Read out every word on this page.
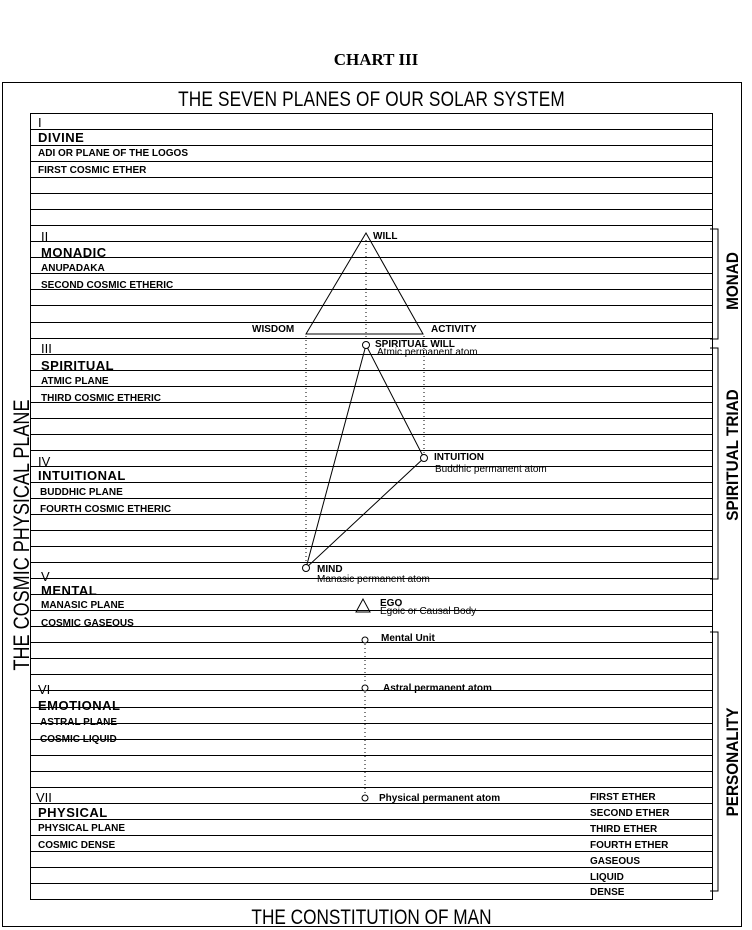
CHART III
THE SEVEN PLANES OF OUR SOLAR SYSTEM
THE CONSTITUTION OF MAN
THE COSMIC PHYSICAL PLANE
MONAD
SPIRITUAL TRIAD
PERSONALITY
I
DIVINE
ADI OR PLANE OF THE LOGOS
FIRST COSMIC ETHER
II
MONADIC
ANUPADAKA
SECOND COSMIC ETHERIC
III
SPIRITUAL
ATMIC PLANE
THIRD COSMIC ETHERIC
IV
INTUITIONAL
BUDDHIC PLANE
FOURTH COSMIC ETHERIC
V
MENTAL
MANASIC PLANE
COSMIC GASEOUS
VI
EMOTIONAL
ASTRAL PLANE
COSMIC LIQUID
VII
PHYSICAL
PHYSICAL PLANE
COSMIC DENSE
WILL
WISDOM	ACTIVITY
SPIRITUAL WILL
Atmic permanent atom
INTUITION
Buddhic permanent atom
MIND
Manasic permanent atom
EGO
Egoic or Causal Body
Mental Unit
Astral permanent atom
Physical permanent atom	FIRST ETHER
SECOND ETHER
THIRD ETHER
FOURTH ETHER
GASEOUS
LIQUID
DENSE
